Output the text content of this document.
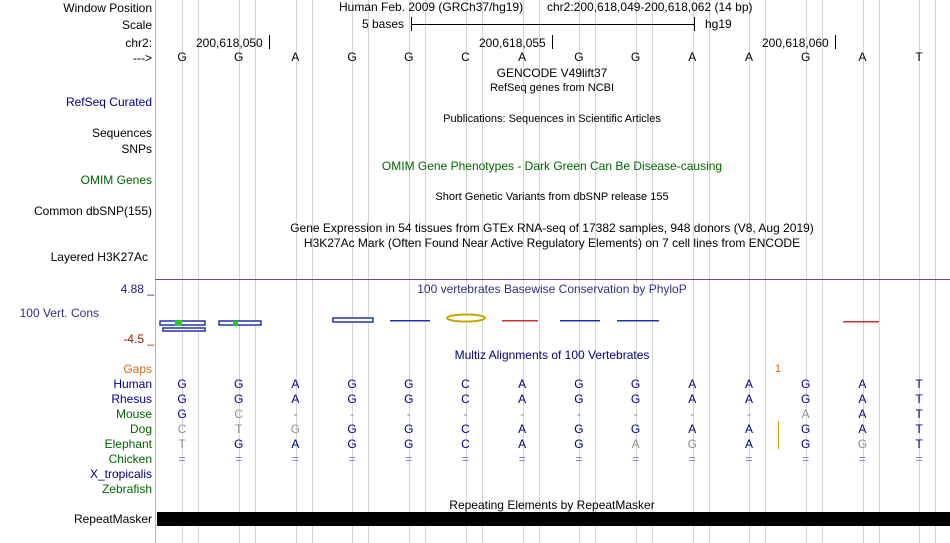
Window Position
Scale
chr2:
--->
RefSeq Curated
Sequences
SNPs
OMIM Genes
Common dbSNP(155)
Layered H3K27Ac
100 Vert. Cons
4.88 _
-4.5 _
Gaps
RepeatMasker
Human Feb. 2009 (GRCh37/hg19) chr2:200,618,049-200,618,062 (14 bp)
5 bases	hg19
200,618,050	200,618,055	200,618,060
G	G	A	G	G	C	A	G	G	A	A	G	A	T
GENCODE V49lift37
RefSeq genes from NCBI
Publications: Sequences in Scientific Articles
OMIM Gene Phenotypes - Dark Green Can Be Disease-causing
Short Genetic Variants from dbSNP release 155
Gene Expression in 54 tissues from GTEx RNA-seq of 17382 samples, 948 donors (V8, Aug 2019)
H3K27Ac Mark (Often Found Near Active Regulatory Elements) on 7 cell lines from ENCODE
100 vertebrates Basewise Conservation by PhyloP
Multiz Alignments of 100 Vertebrates
1
Human G	G	A	G	G	C	A	G	G	A	A	G	A	T
Rhesus G	G	A	G	G	C	A	G	G	A	A	G	A	T
Mouse G	C	-	-	-	-	-	-	-	-	-	A	A	T
Dog C	T	G	G	G	C	A	G	G	A	A	G	A	T
Elephant T	G	A	G	G	C	A	G	A	G	A	G	G	T
Chicken =	=	=	=	=	=	=	=	=	=	=	=	=	=
X_tropicalis
Zebrafish
Repeating Elements by RepeatMasker
